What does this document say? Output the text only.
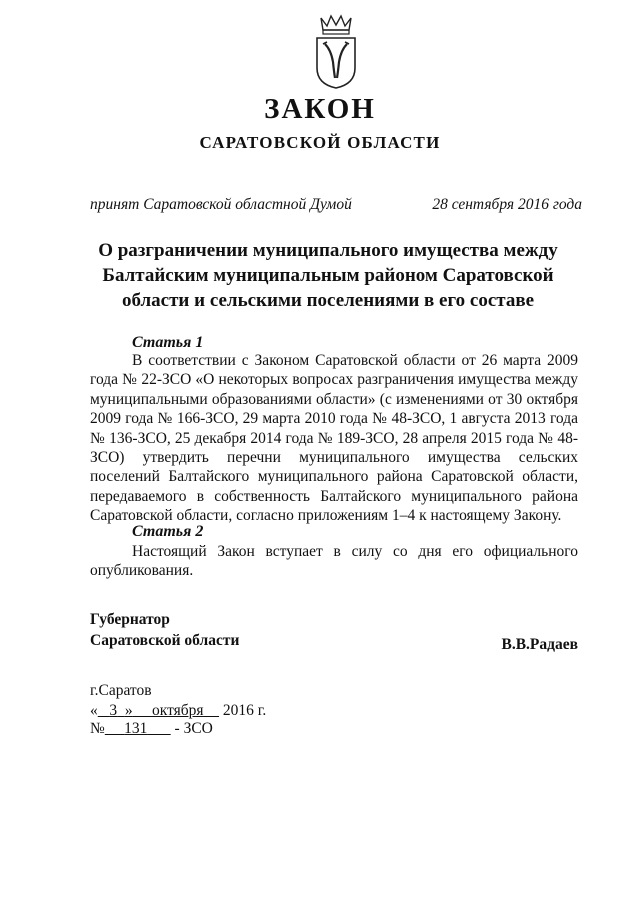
ЗАКОН
САРАТОВСКОЙ ОБЛАСТИ
принят Саратовской областной Думой	28 сентября 2016 года
О разграничении муниципального имущества между Балтайским муниципальным районом Саратовской области и сельскими поселениями в его составе
Статья 1
В соответствии с Законом Саратовской области от 26 марта 2009 года № 22-ЗСО «О некоторых вопросах разграничения имущества между муниципальными образованиями области» (с изменениями от 30 октября 2009 года № 166-ЗСО, 29 марта 2010 года № 48-ЗСО, 1 августа 2013 года № 136-ЗСО, 25 декабря 2014 года № 189-ЗСО, 28 апреля 2015 года № 48-ЗСО) утвердить перечни муниципального имущества сельских поселений Балтайского муниципального района Саратовской области, передаваемого в собственность Балтайского муниципального района Саратовской области, согласно приложениям 1–4 к настоящему Закону.
Статья 2
Настоящий Закон вступает в силу со дня его официального опубликования.
Губернатор
Саратовской области	В.В.Радаев
г.Саратов
« 3 » октября 2016 г.
№ 131 - ЗСО
